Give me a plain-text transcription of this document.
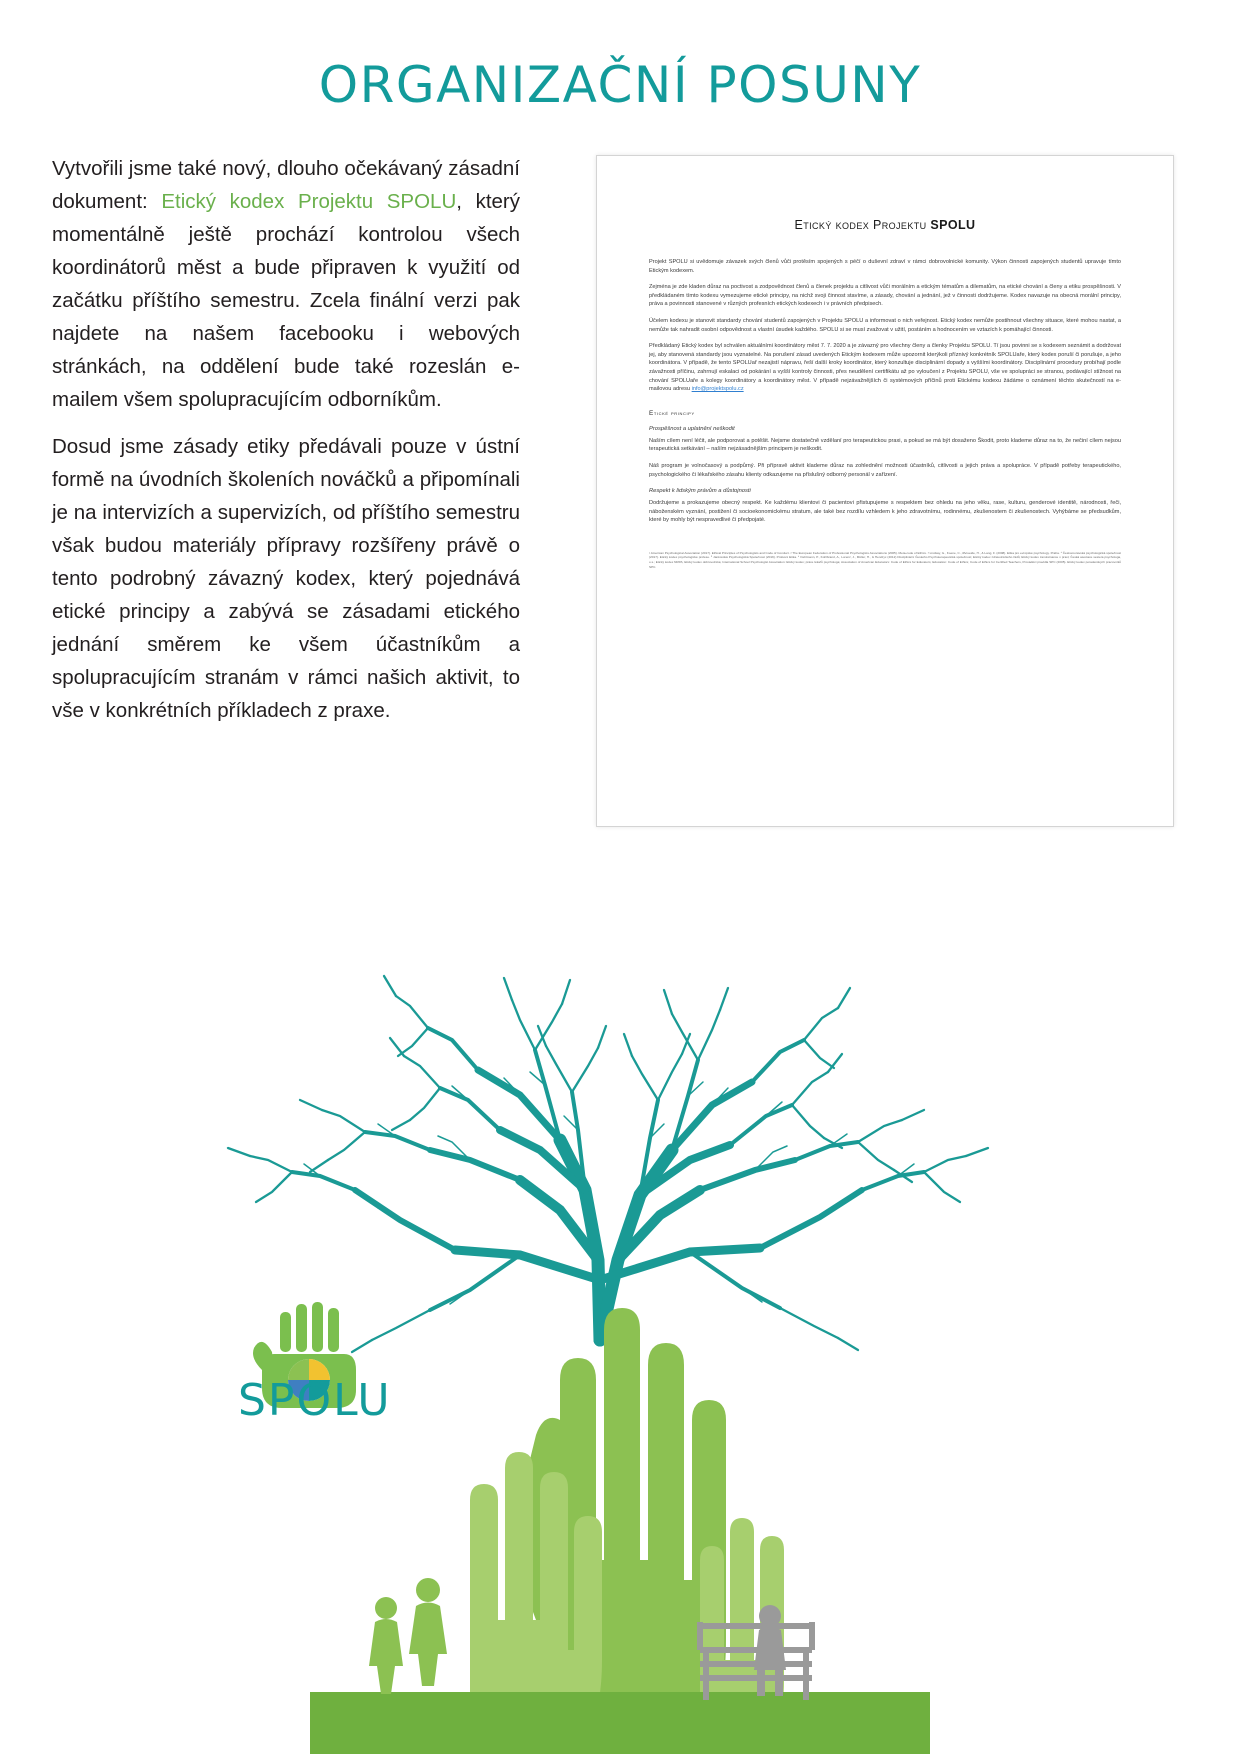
ORGANIZAČNÍ POSUNY

Vytvořili jsme také nový, dlouho očekávaný zásadní dokument: Etický kodex Projektu SPOLU, který momentálně ještě prochází kontrolou všech koordinátorů měst a bude připraven k využití od začátku příštího semestru. Zcela finální verzi pak najdete na našem facebooku i webových stránkách, na oddělení bude také rozeslán e-mailem všem spolupracujícím odborníkům.

Dosud jsme zásady etiky předávali pouze v ústní formě na úvodních školeních nováčků a připomínali je na intervizích a supervizích, od příštího semestru však budou materiály přípravy rozšířeny právě o tento podrobný závazný kodex, který pojednává etické principy a zabývá se zásadami etického jednání směrem ke všem účastníkům a spolupracujícím stranám v rámci našich aktivit, to vše v konkrétních příkladech z praxe.

Etický kodex Projektu SPOLU
Projekt SPOLU si uvědomuje závazek svých členů vůči protěsím spojených s péčí o duševní zdraví v rámci dobrovolnické komunity. Výkon činnosti zapojených studentů upravuje tímto Etickým kodexem.
Zejména je zde kladen důraz na poctivost a zodpovědnost členů a členek projektu a citlivost vůči morálním a etickým tématům a dilematům, na etické chování a členy a etiku prospěšnosti. V předkládaném tímto kodexu vymezujeme etické principy, na nichž svoji činnost stavíme, a zásady, chování a jednání, jež v činnosti dodržujeme. Kodex navazuje na obecná morální principy, práva a povinnosti stanovené v různých profesních etických kodexech i v právních předpisech.
Účelem kodexu je stanovit standardy chování studentů zapojených v Projektu SPOLU a informovat o nich veřejnost. Etický kodex nemůže postihnout všechny situace, které mohou nastat, a nemůže tak nahradit osobní odpovědnost a vlastní úsudek každého. SPOLU si se musí zvažovat v užití, postáním a hodnocením ve vztazích k pomáhající činnosti.
Předkládaný Etický kodex byl schválen aktuálními koordinátory měst 7. 7. 2020 a je závazný pro všechny členy a členky Projektu SPOLU. Tí jsou povinni se s kodexem seznámit a dodržovat jej, aby stanovená standardy jsou vyznatelné. Na porušení zásad uvedených Etickým kodexem může upozornit kterýkoli příznivý konkrétník SPOLUaře, který kodex poruší či porušuje, a jeho koordinátora. V případě, že tento SPOLUař nezajistí nápravu, řeší další kroky koordinátor, který konzultuje disciplinární dopady s vyššími koordinátory. Disciplinární procedury probíhají podle závažnosti příčinu, zahrnují eskalaci od pokárání a vyšší kontroly činnosti, přes neudělení certifikátu až po vyloučení z Projektu SPOLU, vše ve spolupráci se stranou, podávající stížnost na chování SPOLUaře a kolegy koordinátory a koordinátory měst. V případě nejzávažnějších či systémových příčinů proti Etickému kodexu žádáme o oznámení těchto skutečností na e-mailovou adresu info@projektspolu.cz
Etické principy
Prospěšnost a uplatnění neškodit
Naším cílem není léčit, ale podporovat a potěšit. Nejsme dostatečně vzdělaní pro terapeutickou praxi, a pokud se má být dosaženo Škodit, proto klademe důraz na to, že nečiní cílem nejsou terapeutická setkávání – naším nejzásadnějším principem je neškodit.
Náš program je volnočasový a podpůrný. Při přípravě aktivit klademe důraz na zohlednění možnosti účastníků, citlivosti a jejich práva a spolupráce. V případě potřeby terapeutického, psychologického či lékařského zásahu klienty odkazujeme na příslušný odborný personál v zařízení.
Respekt k lidským právům a důstojnosti
Dodržujeme a prokazujeme obecný respekt. Ke každému klientovi či pacientovi přistupujeme s respektem bez ohledu na jeho věku, rase, kulturu, genderové identitě, národnosti, řeči, náboženském vyznání, postižení či socioekonomickému stratum, ale také bez rozdílu vzhledem k jeho zdravotnímu, rodinnému, zkušenostem či zkušenostech. Vyhýbáme se předsudkům, které by mohly být nespravedlivé či předpojaté.
¹ American Psychological Association (2017). Ethical Principles of Psychologists and Code of Conduct. ² The European Federation of Professional Psychologists Associations (2005). Meta-code of Ethics. ³ Lindsay, G., Koene, C., Øvreeide, H., & Lang, F. (2008). Etika pro evropské psychology. Praha. ⁴ Českomoravská psychologická společnost (2017). Etický kodex psychologické profese. ⁵ Jankovská Psychologická Společnost (2019). Profesní Etika. ⁶ Oehlmann, P., Kohlbrand, A., Lorenz, J., Müller, H., & Hendryx (2012) Disciplinární Českého Psychoterapeutická společnost; Etický kodex zdravotnického řádů; Etický kodex zaměstnance v praxi; Česká asociace sestera psychologa, o.s.; Etický kodex NRPA; Etický kodex dobrovolníka; International School Psychologist Association: Etický kodex; práce lékařů psychologa; Association of American Educators: Code of Ethics for Educators; Education: Code of Ethics; Code of Ethics for Certified Teachers, Prováděcí pravidla SPC (2005). Etický kodex poradenských pracovníků SPC.
SPOLU
